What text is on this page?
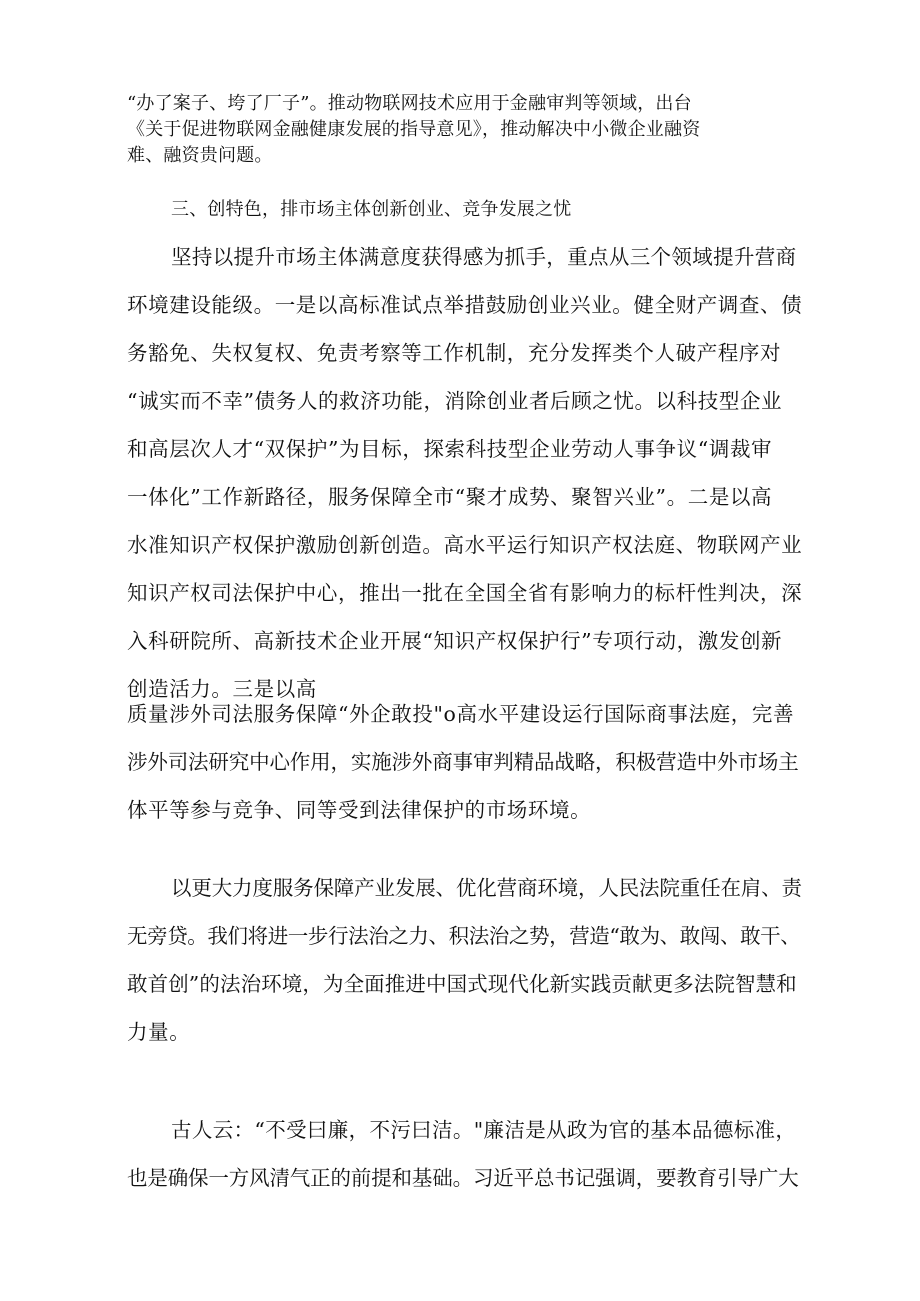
“办了案子、垮了厂子”。推动物联网技术应用于金融审判等领域，出台
《关于促进物联网金融健康发展的指导意见》，推动解决中小微企业融资
难、融资贵问题。
三、创特色，排市场主体创新创业、竞争发展之忧
坚持以提升市场主体满意度获得感为抓手，重点从三个领域提升营商
环境建设能级。一是以高标准试点举措鼓励创业兴业。健全财产调查、债
务豁免、失权复权、免责考察等工作机制，充分发挥类个人破产程序对
“诚实而不幸”债务人的救济功能，消除创业者后顾之忧。以科技型企业
和高层次人才“双保护”为目标，探索科技型企业劳动人事争议“调裁审
一体化”工作新路径，服务保障全市“聚才成势、聚智兴业”。二是以高
水准知识产权保护激励创新创造。高水平运行知识产权法庭、物联网产业
知识产权司法保护中心，推出一批在全国全省有影响力的标杆性判决，深
入科研院所、高新技术企业开展“知识产权保护行”专项行动，激发创新
创造活力。三是以高
质量涉外司法服务保障“外企敢投"o高水平建设运行国际商事法庭，完善
涉外司法研究中心作用，实施涉外商事审判精品战略，积极营造中外市场主
体平等参与竞争、同等受到法律保护的市场环境。
以更大力度服务保障产业发展、优化营商环境，人民法院重任在肩、责
无旁贷。我们将进一步行法治之力、积法治之势，营造“敢为、敢闯、敢干、
敢首创”的法治环境，为全面推进中国式现代化新实践贡献更多法院智慧和
力量。
古人云：“不受曰廉，不污曰洁。"廉洁是从政为官的基本品德标准，
也是确保一方风清气正的前提和基础。习近平总书记强调，要教育引导广大
